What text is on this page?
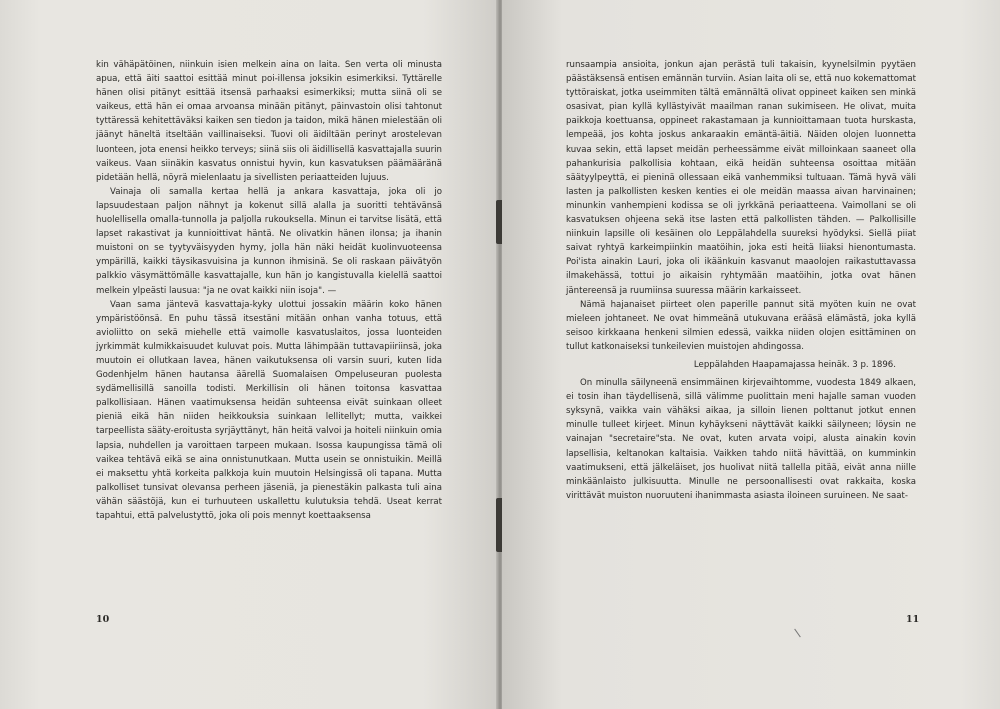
kin vähäpätöinen, niinkuin isien melkein aina on laita. Sen verta oli minusta apua, että äiti saattoi esittää minut poi-illensa joksikin esimerkiksi. Tyttärelle hänen olisi pitänyt esittää itsensä parhaaksi esimerkiksi; mutta siinä oli se vaikeus, että hän ei omaa arvoansa minään pitänyt, päinvastoin olisi tahtonut tyttäressä kehitettäväksi kaiken sen tiedon ja taidon, mikä hänen mielestään oli jäänyt häneltä itseltään vaillinaiseksi. Tuovi oli äidiltään perinyt arostelevan luonteen, jota enensi heikko terveys; siinä siis oli äidillisellä kasvattajalla suurin vaikeus. Vaan siinäkin kasvatus onnistui hyvin, kun kasvatuksen päämääränä pidetään hellä, nöyrä mielenlaatu ja sivellisten periaatteiden lujuus.

Vainaja oli samalla kertaa hellä ja ankara kasvattaja, joka oli jo lapsuudestaan paljon nähnyt ja kokenut sillä alalla ja suoritti tehtävänsä huolellisella omalla-tunnolla ja paljolla rukouksella. Minun ei tarvitse lisätä, että lapset rakastivat ja kunnioittivat häntä. Ne olivatkin hänen ilonsa; ja ihanin muistoni on se tyytyväisyyden hymy, jolla hän näki heidät kuolinvuoteensa ympärillä, kaikki täysikasvuisina ja kunnon ihmisinä. Se oli raskaan päivätyön palkkio väsymättömälle kasvattajalle, kun hän jo kangistuvalla kielellä saattoi melkein ylpeästi lausua: "ja ne ovat kaikki niin isoja". —

Vaan sama jäntevä kasvattaja-kyky ulottui jossakin määrin koko hänen ympäristöönsä. En puhu tässä itsestäni mitään onhan vanha totuus, että avioliitto on sekä miehelle että vaimolle kasvatuslaitos, jossa luonteiden jyrkimmät kulmikkaisuudet kuluvat pois. Mutta lähimpään tuttavapiiriinsä, joka muutoin ei ollutkaan lavea, hänen vaikutuksensa oli varsin suuri, kuten Iida Godenhjelm hänen hautansa äärellä Suomalaisen Ompeluseuran puolesta sydämellisillä sanoilla todisti. Merkillisin oli hänen toitonsa kasvattaa palkollisiaan. Hänen vaatimuksensa heidän suhteensa eivät suinkaan olleet pieniä eikä hän niiden heikkouksia suinkaan lellitellyt; mutta, vaikkei tarpeellista sääty-eroitusta syrjäyttänyt, hän heitä valvoi ja hoiteli niinkuin omia lapsia, nuhdellen ja varoittaen tarpeen mukaan. Isossa kaupungissa tämä oli vaikea tehtävä eikä se aina onnistunutkaan. Mutta usein se onnistuikin. Meillä ei maksettu yhtä korkeita palkkoja kuin muutoin Helsingissä oli tapana. Mutta palkolliset tunsivat olevansa perheen jäseniä, ja pienestäkin palkasta tuli aina vähän säästöjä, kun ei turhuuteen uskallettu kulutuksia tehdä. Useat kerrat tapahtui, että palvelustyttö, joka oli pois mennyt koettaaksensa

10

runsaampia ansioita, jonkun ajan perästä tuli takaisin, kyynelsilmin pyytäen päästäksensä entisen emännän turviin. Asian laita oli se, että nuo kokemattomat tyttöraiskat, jotka useimmiten tältä emännältä olivat oppineet kaiken sen minkä osasivat, pian kyllä kyllästyivät maailman ranan sukimiseen. He olivat, muita paikkoja koettuansa, oppineet rakastamaan ja kunnioittamaan tuota hurskasta, lempeää, jos kohta joskus ankaraakin emäntä-äitiä. Näiden olojen luonnetta kuvaa sekin, että lapset meidän perheessämme eivät milloinkaan saaneet olla pahankurisia palkollisia kohtaan, eikä heidän suhteensa osoittaa mitään säätyylpeyttä, ei pieninä ollessaan eikä vanhemmiksi tultuaan. Tämä hyvä väli lasten ja palkollisten kesken kenties ei ole meidän maassa aivan harvinainen; minunkin vanhempieni kodissa se oli jyrkkänä periaatteena. Vaimollani se oli kasvatuksen ohjeena sekä itse lasten että palkollisten tähden. — Palkollisille niinkuin lapsille oli kesäinen olo Leppälahdella suureksi hyödyksi. Siellä piiat saivat ryhtyä karkeimpiinkin maatöihin, joka esti heitä liiaksi hienontumasta. Poi'ista ainakin Lauri, joka oli ikäänkuin kasvanut maaolojen raikastuttavassa ilmakehässä, tottui jo aikaisin ryhtymään maatöihin, jotka ovat hänen jäntereensä ja ruumiinsa suuressa määrin karkaisseet.

Nämä hajanaiset piirteet olen paperille pannut sitä myöten kuin ne ovat mieleen johtaneet. Ne ovat himmeänä utukuvana erääsä elämästä, joka kyllä seisoo kirkkaana henkeni silmien edessä, vaikka niiden olojen esittäminen on tullut katkonaiseksi tunkeilevien muistojen ahdingossa.

Leppälahden Haapamajassa heinäk. 3 p. 1896.

On minulla säilyneenä ensimmäinen kirjevaihtomme, vuodesta 1849 alkaen, ei tosin ihan täydellisenä, sillä välimme puolittain meni hajalle saman vuoden syksynä, vaikka vain vähäksi aikaa, ja silloin lienen polttanut jotkut ennen minulle tulleet kirjeet. Minun kyhäykseni näyttävät kaikki säilyneen; löysin ne vainajan "secretaire"sta. Ne ovat, kuten arvata voipi, alusta ainakin kovin lapsellisia, keltanokan kaltaisia. Vaikken tahdo niitä hävittää, on kumminkin vaatimukseni, että jälkeläiset, jos huolivat niitä tallella pitää, eivät anna niille minkäänlaisto julkisuutta. Minulle ne persoonallisesti ovat rakkaita, koska virittävät muiston nuoruuteni ihanimmasta asiasta iloineen suruineen. Ne saat-

11
